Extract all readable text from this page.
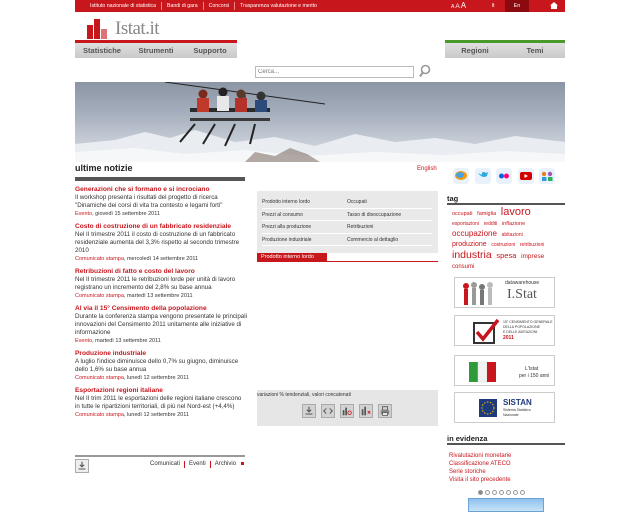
Istituto nazionale di statistica	Bandi di gara	Concorsi	Trasparenza valutazione e merito	AAA	It	En
Istat.it
Statistiche	Strumenti	Supporto	Regioni	Temi
Cerca...
ultime notizie	English
Generazioni che si formano e si incrociano
Il workshop presenta i risultati del progetto di ricerca "Dinamiche dei corsi di vita tra contesto e legami forti"
Evento, giovedì 15 settembre 2011
Costo di costruzione di un fabbricato residenziale
Nel II trimestre 2011 il costo di costruzione di un fabbricato residenziale aumenta del 3,3% rispetto al secondo trimestre 2010
Comunicato stampa, mercoledì 14 settembre 2011
Retribuzioni di fatto e costo del lavoro
Nel II trimestre 2011 le retribuzioni lorde per unità di lavoro registrano un incremento del 2,8% su base annua
Comunicato stampa, martedì 13 settembre 2011
Al via il 15° Censimento della popolazione
Durante la conferenza stampa vengono presentate le principali innovazioni del Censimento 2011 unitamente alle iniziative di informazione
Evento, martedì 13 settembre 2011
Produzione industriale
A luglio l'indice diminuisce dello 0,7% su giugno, diminuisce dello 1,6% su base annua
Comunicato stampa, lunedì 12 settembre 2011
Esportazioni regioni italiane
Nel II trim 2011 le esportazioni delle regioni italiane crescono in tutte le ripartizioni territoriali, di più nel Nord-est (+4,4%)
Comunicato stampa, lunedì 12 settembre 2011
Comunicati	Eventi	Archivio
Prodotto interno lordo	Occupati
Prezzi al consumo	Tasso di disoccupazione
Prezzi alla produzione	Retribuzioni
Produzione industriale	Commercio al dettaglio
Prodotto interno lordo
variazioni % tendenziali, valori concatenati
tag
occupati famiglia lavoro esportazioni redditi inflazione occupazione abitazioni produzione costruzioni retribuzioni industria spesa imprese consumi
datawarehouse
I.Stat
15° CENSIMENTO GENERALE
DELLA POPOLAZIONE
E DELLE ABITAZIONI
2011
L'Istat
per i 150 anni
SISTAN
Sistema Statistico
Nazionale
in evidenza
Rivalutazioni monetarie
Classificazione ATECO
Serie storiche
Visita il sito precedente
